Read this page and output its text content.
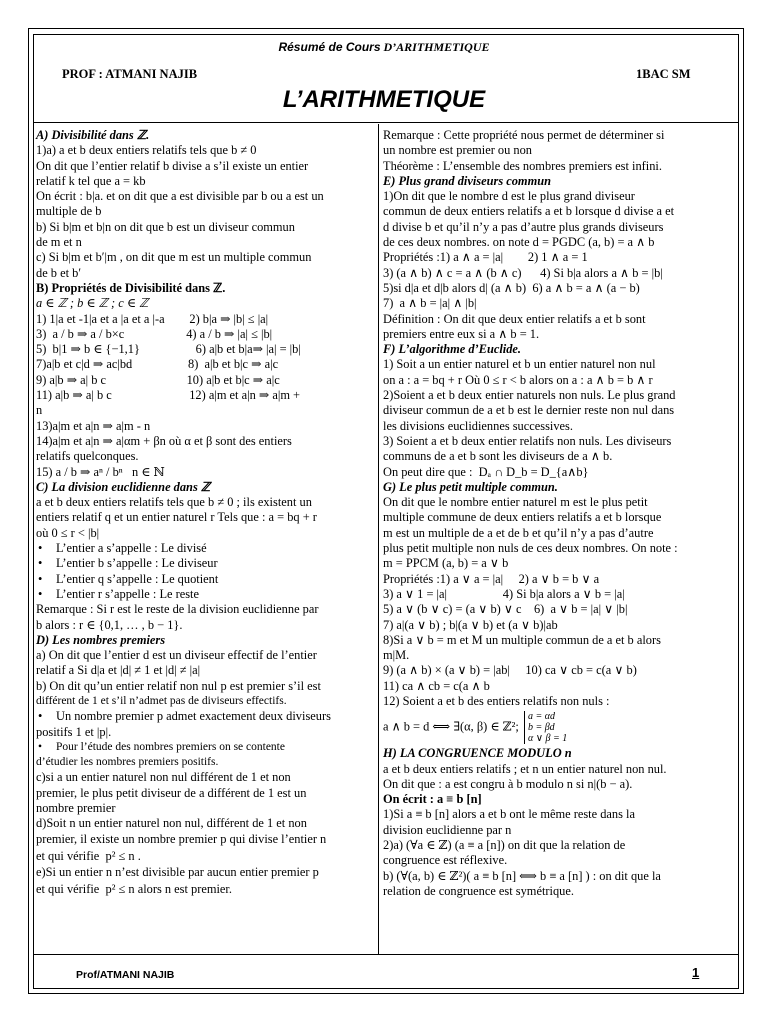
Résumé de Cours D’ARITHMETIQUE
PROF : ATMANI NAJIB	1BAC SM
L’ARITHMETIQUE

A) Divisibilité dans ℤ.

1)a) a et b deux entiers relatifs tels que b ≠ 0

On dit que l’entier relatif b divise a s’il existe un entier

relatif k tel que a = kb

On écrit : b|a. et on dit que a est divisible par b ou a est un

multiple de b

b) Si b|m et b|n on dit que b est un diviseur commun

de m et n

c) Si b|m et b′|m , on dit que m est un multiple commun

de b et b′

B) Propriétés de Divisibilité dans ℤ.

a ∈ ℤ ; b ∈ ℤ ; c ∈ ℤ

1) 1|a et -1|a et a |a et a |-a        2) b|a ⇒ |b| ≤ |a|

3)  a / b ⇒ a / b×c                    4) a / b ⇒ |a| ≤ |b|

5)  b|1 ⇒ b ∈ {−1,1}                  6) a|b et b|a⇒ |a| = |b|

7)a|b et c|d ⇒ ac|bd                  8)  a|b et b|c ⇒ a|c

9) a|b ⇒ a| b c                          10) a|b et b|c ⇒ a|c

11) a|b ⇒ a| b c                         12) a|m et a|n ⇒ a|m +

n

13)a|m et a|n ⇒ a|m - n

14)a|m et a|n ⇒ a|αm + βn où α et β sont des entiers

relatifs quelconques.

15) a / b ⇒ aⁿ / bⁿ   n ∈ ℕ

C) La division euclidienne dans ℤ

a et b deux entiers relatifs tels que b ≠ 0 ; ils existent un

entiers relatif q et un entier naturel r Tels que : a = bq + r

où 0 ≤ r < |b|

• L’entier a s’appelle : Le divisé

• L’entier b s’appelle : Le diviseur

• L’entier q s’appelle : Le quotient

• L’entier r s’appelle : Le reste

Remarque : Si r est le reste de la division euclidienne par

b alors : r ∈ {0,1, … , b − 1}.

D) Les nombres premiers

a) On dit que l’entier d est un diviseur effectif de l’entier

relatif a Si d|a et |d| ≠ 1 et |d| ≠ |a|

b) On dit qu’un entier relatif non nul p est premier s’il est

différent de 1 et s’il n’admet pas de diviseurs effectifs.

• Un nombre premier p admet exactement deux diviseurs

positifs 1 et |p|.

• Pour l’étude des nombres premiers on se contente

d’étudier les nombres premiers positifs.

c)si a un entier naturel non nul différent de 1 et non

premier, le plus petit diviseur de a différent de 1 est un

nombre premier

d)Soit n un entier naturel non nul, différent de 1 et non

premier, il existe un nombre premier p qui divise l’entier n

et qui vérifie  p² ≤ n .

e)Si un entier n n’est divisible par aucun entier premier p

et qui vérifie  p² ≤ n alors n est premier.

Remarque : Cette propriété nous permet de déterminer si

un nombre est premier ou non

Théorème : L’ensemble des nombres premiers est infini.

E) Plus grand diviseurs commun

1)On dit que le nombre d est le plus grand diviseur

commun de deux entiers relatifs a et b lorsque d divise a et

d divise b et qu’il n’y a pas d’autre plus grands diviseurs

de ces deux nombres. on note d = PGDC (a, b) = a ∧ b

Propriétés :1) a ∧ a = |a|        2) 1 ∧ a = 1

3) (a ∧ b) ∧ c = a ∧ (b ∧ c)      4) Si b|a alors a ∧ b = |b|

5)si d|a et d|b alors d| (a ∧ b)  6) a ∧ b = a ∧ (a − b)

7)  a ∧ b = |a| ∧ |b|

Définition : On dit que deux entier relatifs a et b sont

premiers entre eux si a ∧ b = 1.

F) L’algorithme d’Euclide.

1) Soit a un entier naturel et b un entier naturel non nul

on a : a = bq + r Où 0 ≤ r < b alors on a : a ∧ b = b ∧ r

2)Soient a et b deux entier naturels non nuls. Le plus grand

diviseur commun de a et b est le dernier reste non nul dans

les divisions euclidiennes successives.

3) Soient a et b deux entier relatifs non nuls. Les diviseurs

communs de a et b sont les diviseurs de a ∧ b.

On peut dire que :  Dₐ ∩ D_b = D_{a∧b}

G) Le plus petit multiple commun.

On dit que le nombre entier naturel m est le plus petit

multiple commune de deux entiers relatifs a et b lorsque

m est un multiple de a et de b et qu’il n’y a pas d’autre

plus petit multiple non nuls de ces deux nombres. On note :

m = PPCM (a, b) = a ∨ b

Propriétés :1) a ∨ a = |a|     2) a ∨ b = b ∨ a

3) a ∨ 1 = |a|                  4) Si b|a alors a ∨ b = |a|

5) a ∨ (b ∨ c) = (a ∨ b) ∨ c    6)  a ∨ b = |a| ∨ |b|

7) a|(a ∨ b) ; b|(a ∨ b) et (a ∨ b)|ab

8)Si a ∨ b = m et M un multiple commun de a et b alors

m|M.

9) (a ∧ b) × (a ∨ b) = |ab|     10) ca ∨ cb = c(a ∨ b)

11) ca ∧ cb = c(a ∧ b

12) Soient a et b des entiers relatifs non nuls :

a ∧ b = d ⟺ ∃(α, β) ∈ ℤ²;
a = αd
b = βd
α ∨ β = 1

H) LA CONGRUENCE MODULO n

a et b deux entiers relatifs ; et n un entier naturel non nul.

On dit que : a est congru à b modulo n si n|(b − a).

On écrit : a ≡ b [n]

1)Si a ≡ b [n] alors a et b ont le même reste dans la

division euclidienne par n

2)a) (∀a ∈ ℤ) (a ≡ a [n]) on dit que la relation de

congruence est réflexive.

b) (∀(a, b) ∈ ℤ²)( a ≡ b [n] ⟺ b ≡ a [n] ) : on dit que la

relation de congruence est symétrique.

Prof/ATMANI NAJIB	1
